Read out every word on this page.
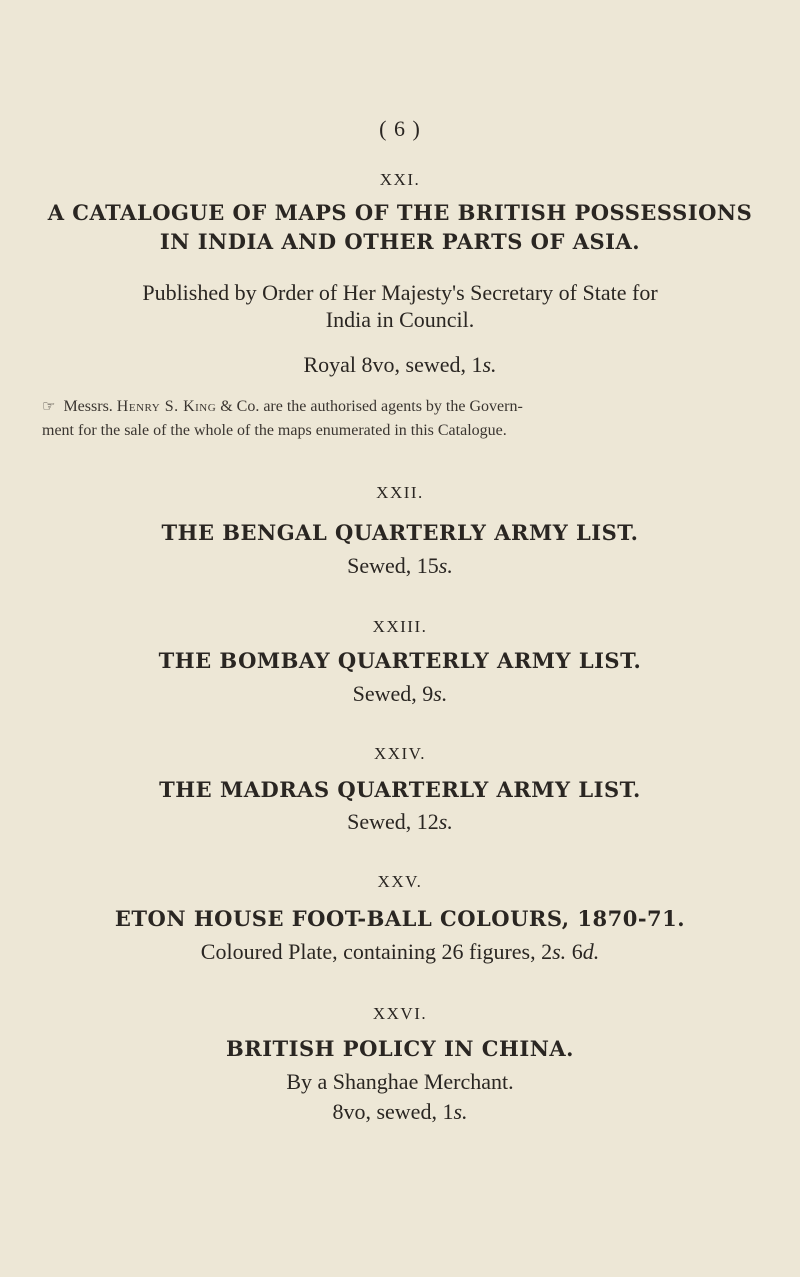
( 6 )
XXI.
A CATALOGUE OF MAPS OF THE BRITISH POSSESSIONS
IN INDIA AND OTHER PARTS OF ASIA.
Published by Order of Her Majesty's Secretary of State for
India in Council.
Royal 8vo, sewed, 1s.
☞ Messrs. Henry S. King & Co. are the authorised agents by the Govern-
ment for the sale of the whole of the maps enumerated in this Catalogue.
XXII.
THE BENGAL QUARTERLY ARMY LIST.
Sewed, 15s.
XXIII.
THE BOMBAY QUARTERLY ARMY LIST.
Sewed, 9s.
XXIV.
THE MADRAS QUARTERLY ARMY LIST.
Sewed, 12s.
XXV.
ETON HOUSE FOOT-BALL COLOURS, 1870-71.
Coloured Plate, containing 26 figures, 2s. 6d.
XXVI.
BRITISH POLICY IN CHINA.
By a Shanghae Merchant.
8vo, sewed, 1s.
